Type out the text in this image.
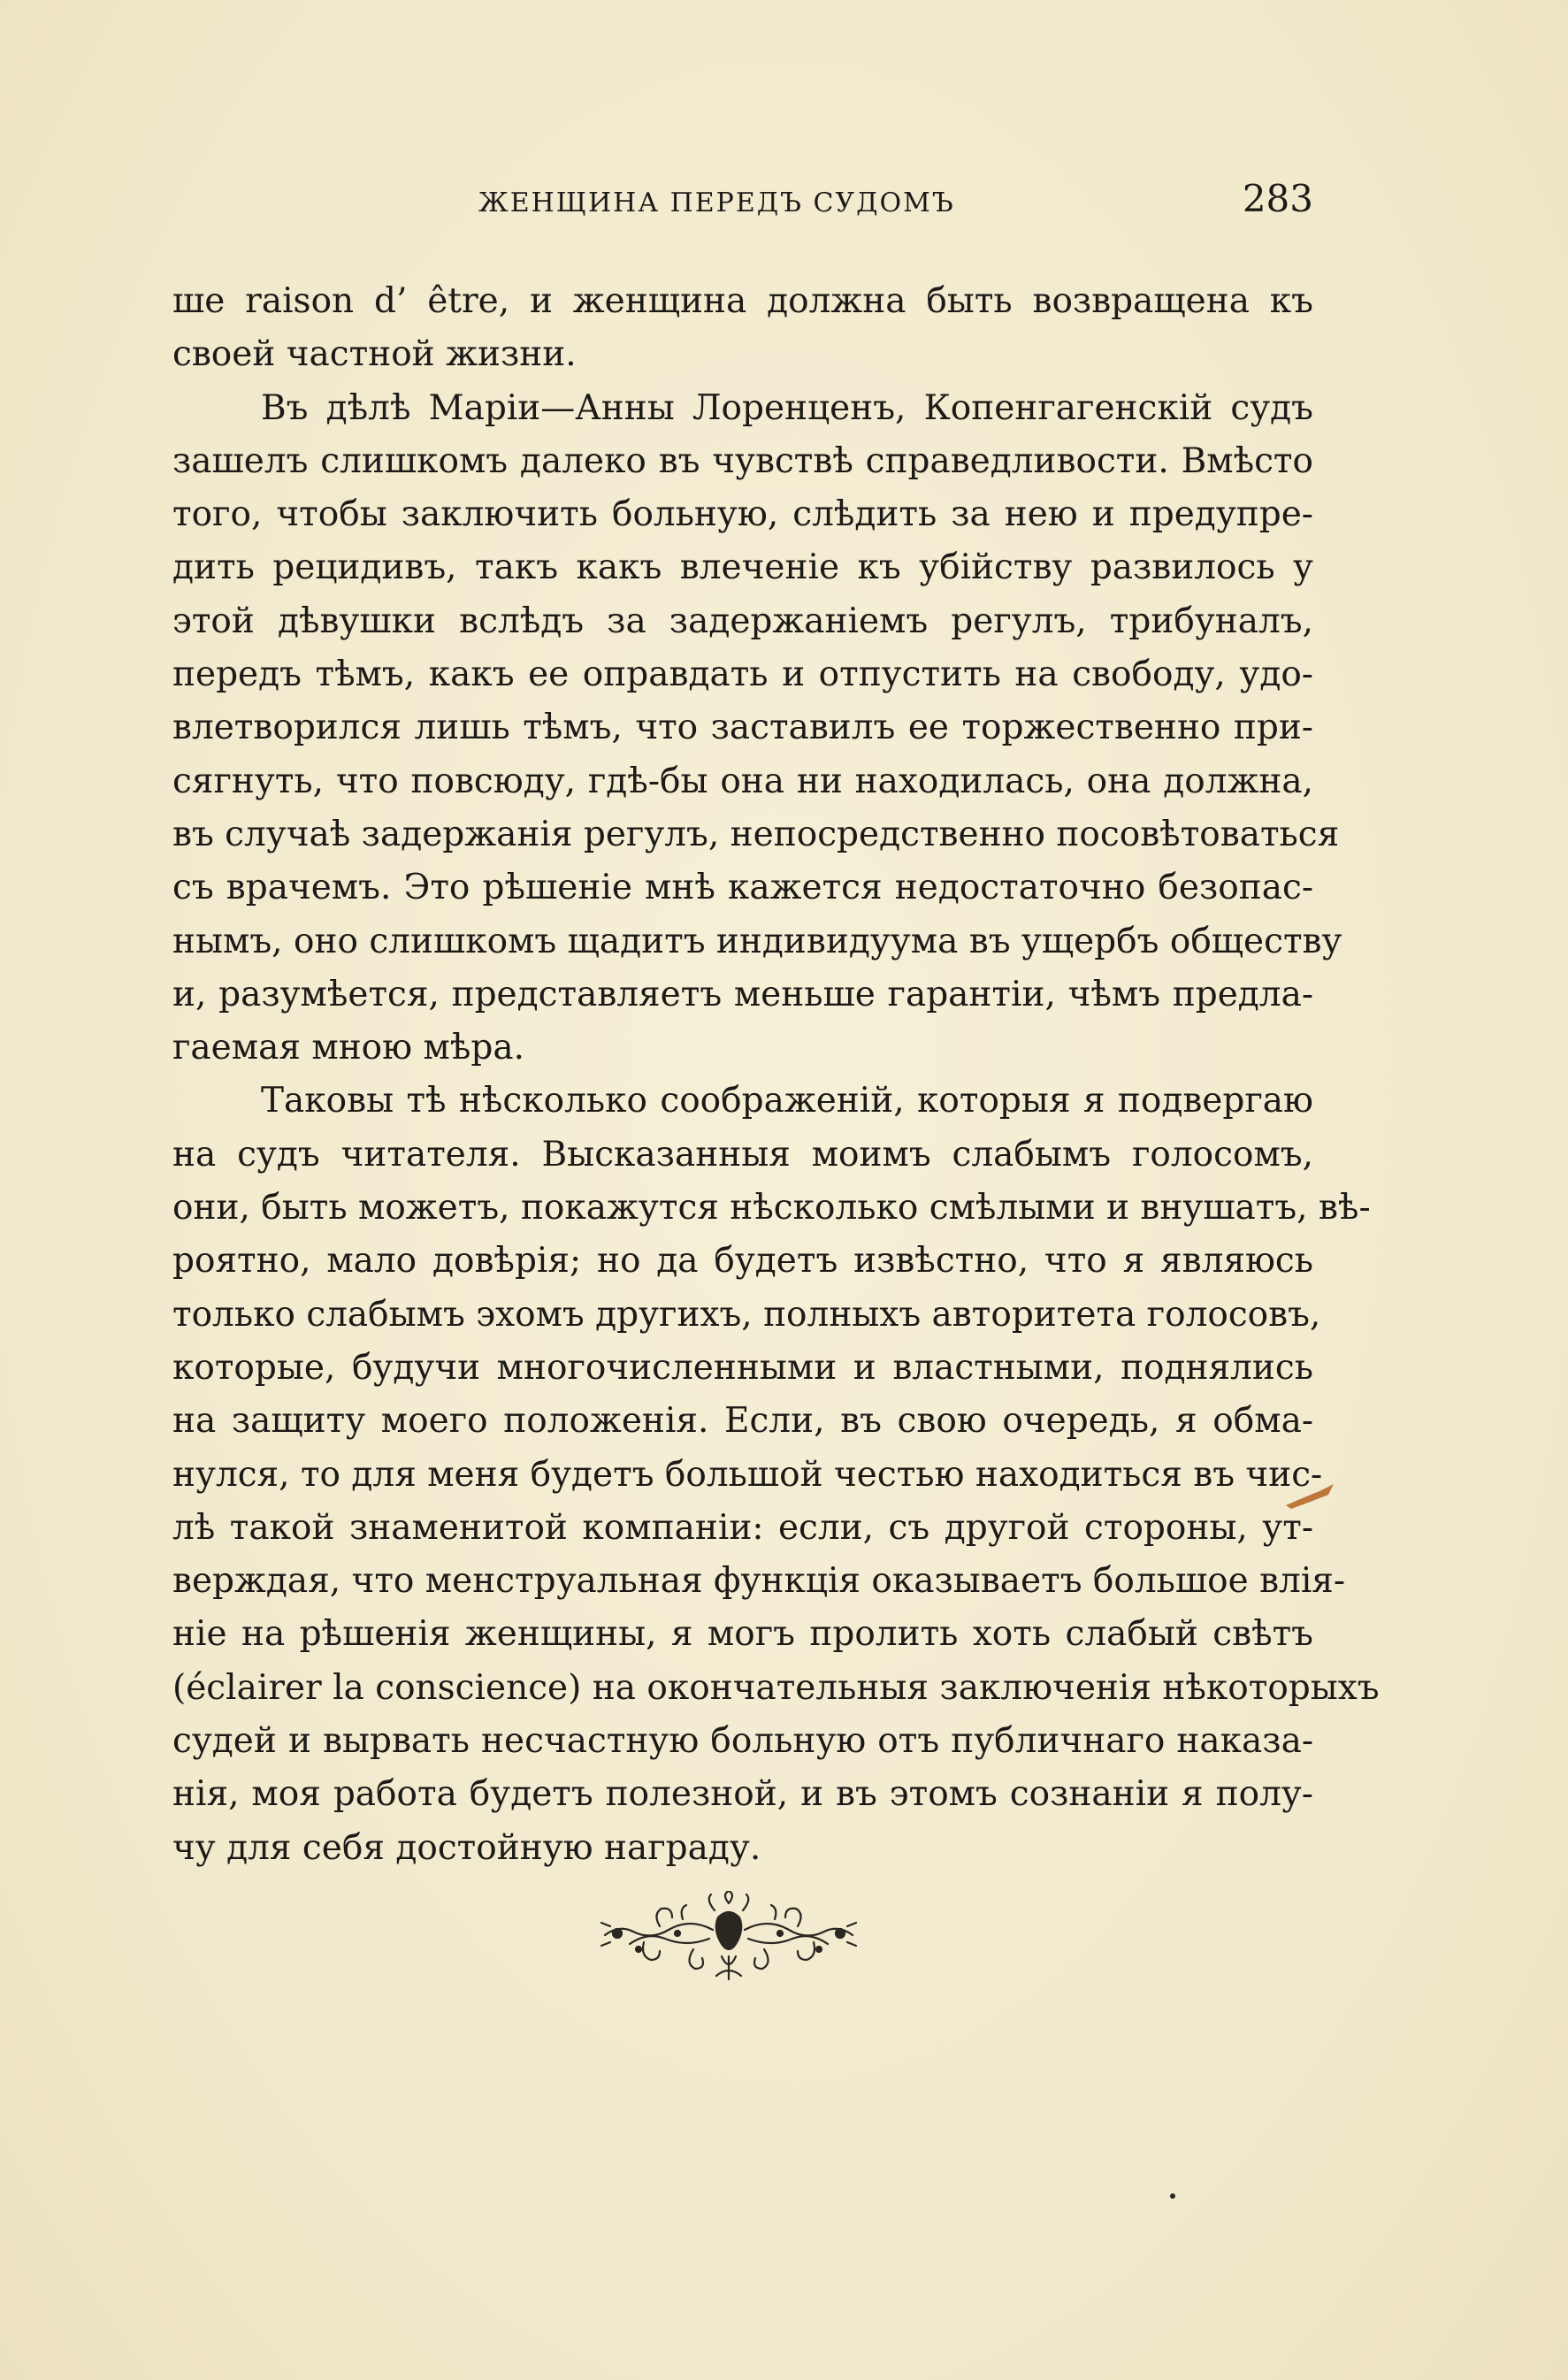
ЖЕНЩИНА ПЕРЕДЪ СУДОМЪ	283
ше raison d’ être, и женщина должна быть возвращена къ
своей частной жизни.
Въ дѣлѣ Маріи—Анны Лоренценъ, Копенгагенскій судъ
зашелъ слишкомъ далеко въ чувствѣ справедливости. Вмѣсто
того, чтобы заключить больную, слѣдить за нею и предупре-
дить рецидивъ, такъ какъ влеченіе къ убійству развилось у
этой дѣвушки вслѣдъ за задержаніемъ регулъ, трибуналъ,
передъ тѣмъ, какъ ее оправдать и отпустить на свободу, удо-
влетворился лишь тѣмъ, что заставилъ ее торжественно при-
сягнуть, что повсюду, гдѣ-бы она ни находилась, она должна,
въ случаѣ задержанія регулъ, непосредственно посовѣтоваться
съ врачемъ. Это рѣшеніе мнѣ кажется недостаточно безопас-
нымъ, оно слишкомъ щадитъ индивидуума въ ущербъ обществу
и, разумѣется, представляетъ меньше гарантіи, чѣмъ предла-
гаемая мною мѣра.
Таковы тѣ нѣсколько соображеній, которыя я подвергаю
на судъ читателя. Высказанныя моимъ слабымъ голосомъ,
они, быть можетъ, покажутся нѣсколько смѣлыми и внушатъ, вѣ-
роятно, мало довѣрія; но да будетъ извѣстно, что я являюсь
только слабымъ эхомъ другихъ, полныхъ авторитета голосовъ,
которые, будучи многочисленными и властными, поднялись
на защиту моего положенія. Если, въ свою очередь, я обма-
нулся, то для меня будетъ большой честью находиться въ чис-
лѣ такой знаменитой компаніи: если, съ другой стороны, ут-
верждая, что менструальная функція оказываетъ большое влія-
ніе на рѣшенія женщины, я могъ пролить хоть слабый свѣтъ
(éclairer la conscience) на окончательныя заключенія нѣкоторыхъ
судей и вырвать несчастную больную отъ публичнаго наказа-
нія, моя работа будетъ полезной, и въ этомъ сознаніи я полу-
чу для себя достойную награду.
